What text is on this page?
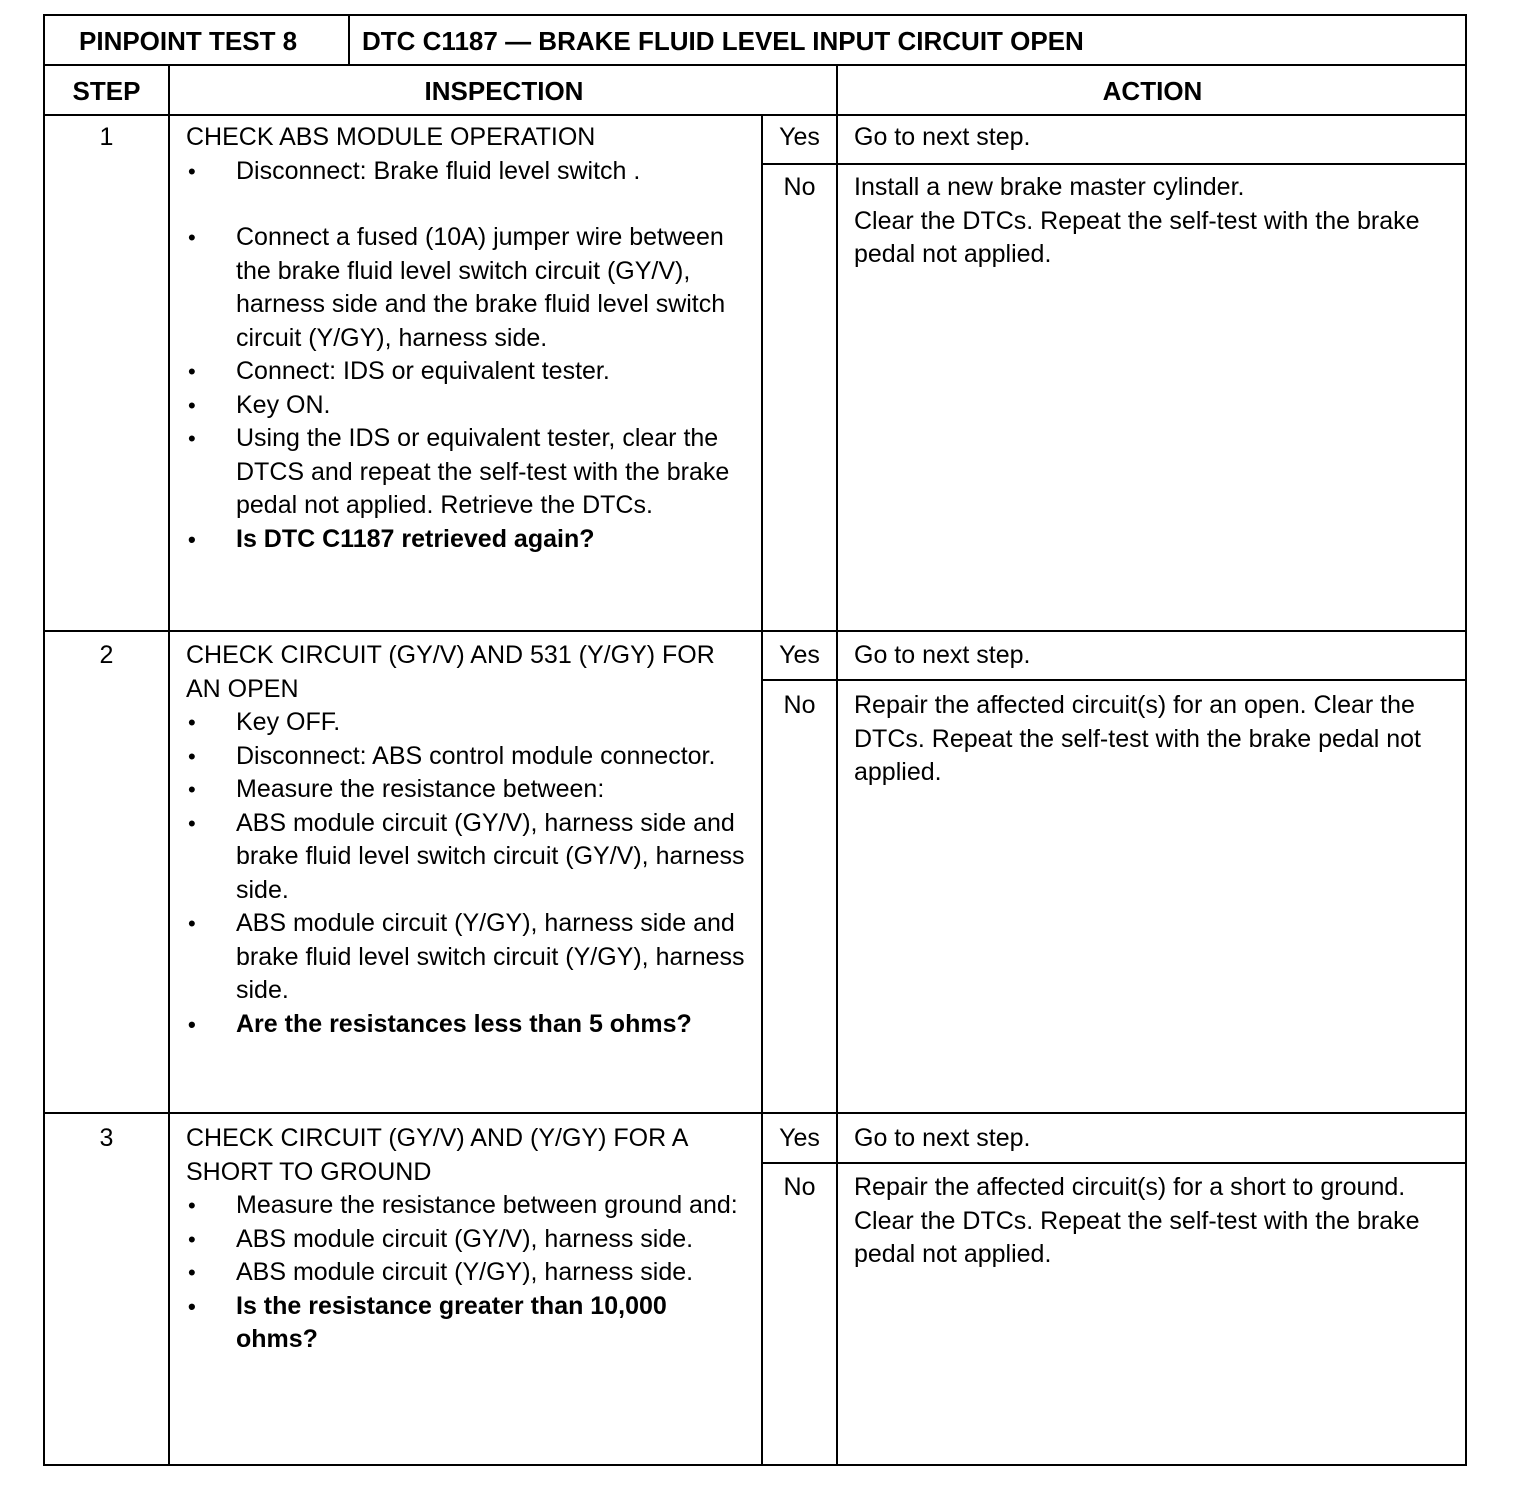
PINPOINT TEST 8 DTC C1187 — BRAKE FLUID LEVEL INPUT CIRCUIT OPEN
STEP	INSPECTION	ACTION
1	CHECK ABS MODULE OPERATION
• Disconnect: Brake fluid level switch .
• Connect a fused (10A) jumper wire between the brake fluid level switch circuit (GY/V), harness side and the brake fluid level switch circuit (Y/GY), harness side.
• Connect: IDS or equivalent tester.
• Key ON.
• Using the IDS or equivalent tester, clear the DTCS and repeat the self-test with the brake pedal not applied. Retrieve the DTCs.
• Is DTC C1187 retrieved again?
Yes	Go to next step.
No	Install a new brake master cylinder.
Clear the DTCs. Repeat the self-test with the brake pedal not applied.
2	CHECK CIRCUIT (GY/V) AND 531 (Y/GY) FOR AN OPEN
• Key OFF.
• Disconnect: ABS control module connector.
• Measure the resistance between:
• ABS module circuit (GY/V), harness side and brake fluid level switch circuit (GY/V), harness side.
• ABS module circuit (Y/GY), harness side and brake fluid level switch circuit (Y/GY), harness side.
• Are the resistances less than 5 ohms?
Yes	Go to next step.
No	Repair the affected circuit(s) for an open. Clear the DTCs. Repeat the self-test with the brake pedal not applied.
3	CHECK CIRCUIT (GY/V) AND (Y/GY) FOR A SHORT TO GROUND
• Measure the resistance between ground and:
• ABS module circuit (GY/V), harness side.
• ABS module circuit (Y/GY), harness side.
• Is the resistance greater than 10,000 ohms?
Yes	Go to next step.
No	Repair the affected circuit(s) for a short to ground. Clear the DTCs. Repeat the self-test with the brake pedal not applied.
